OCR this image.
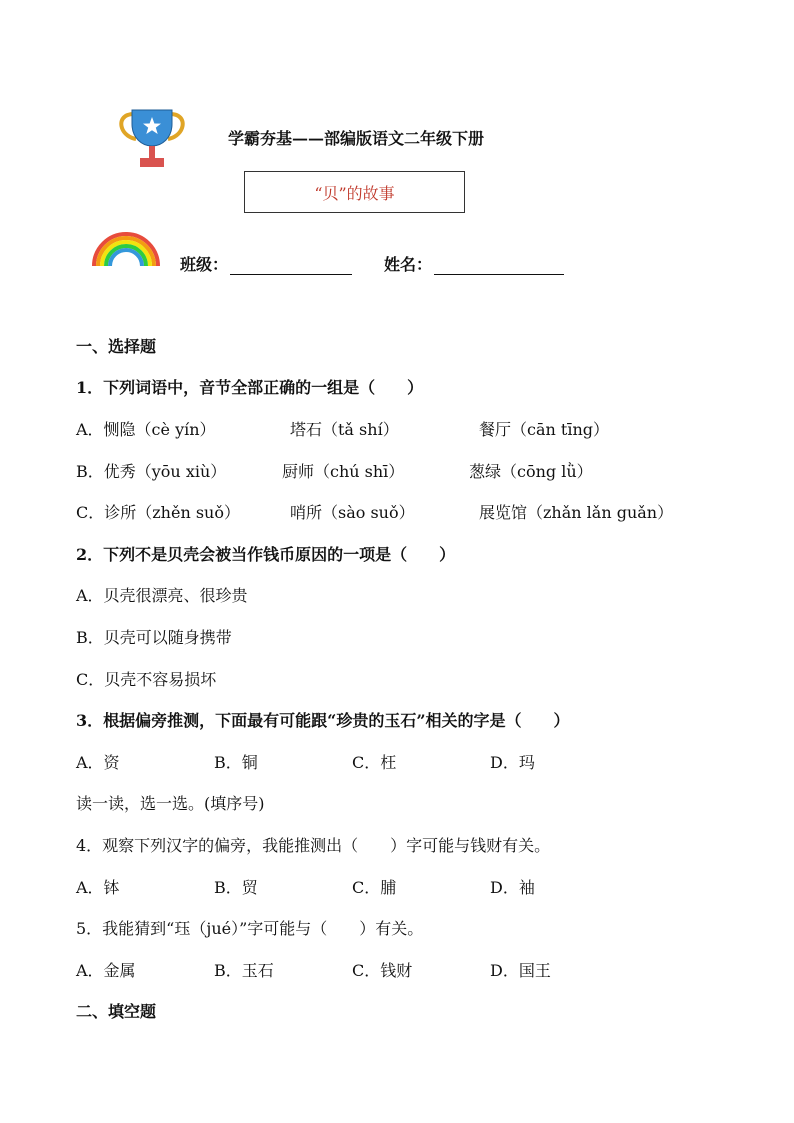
学霸夯基——部编版语文二年级下册
“贝”的故事
班级：	姓名：
一、选择题
1．下列词语中，音节全部正确的一组是（　　）
A．恻隐（cè yín）	塔石（tǎ shí）	餐厅（cān tīng）
B．优秀（yōu xiù）	厨师（chú shī）	葱绿（cōng lǜ）
C．诊所（zhěn suǒ）	哨所（sào suǒ）	展览馆（zhǎn lǎn guǎn）
2．下列不是贝壳会被当作钱币原因的一项是（　　）
A．贝壳很漂亮、很珍贵
B．贝壳可以随身携带
C．贝壳不容易损坏
3．根据偏旁推测，下面最有可能跟“珍贵的玉石”相关的字是（　　）
A．资	B．铜	C．枉	D．玛
读一读，选一选。(填序号)
4．观察下列汉字的偏旁，我能推测出（　　）字可能与钱财有关。
A．钵	B．贸	C．脯	D．袖
5．我能猜到“珏（jué）”字可能与（　　）有关。
A．金属	B．玉石	C．钱财	D．国王
二、填空题
